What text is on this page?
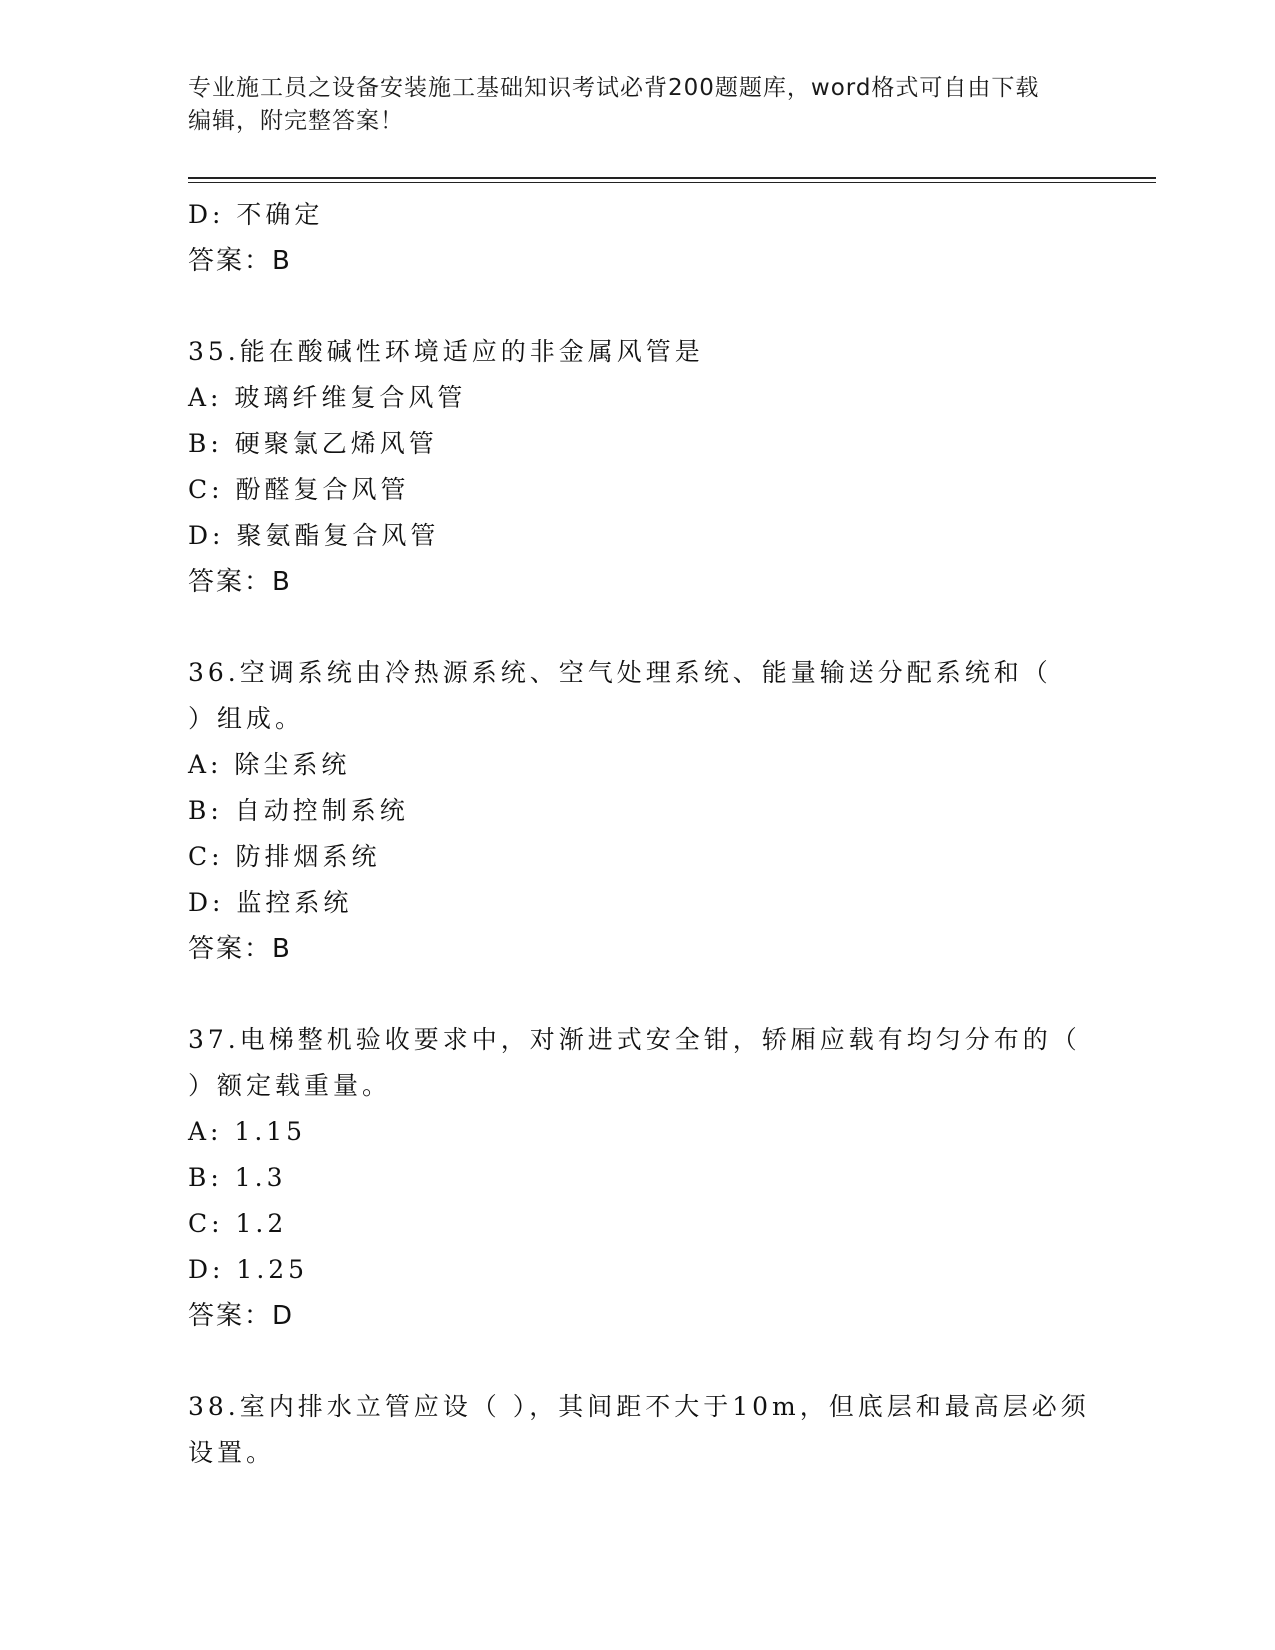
专业施工员之设备安装施工基础知识考试必背200题题库，word格式可自由下载
编辑，附完整答案！
D: 不确定
答案：B
35.能在酸碱性环境适应的非金属风管是
A: 玻璃纤维复合风管
B: 硬聚氯乙烯风管
C: 酚醛复合风管
D: 聚氨酯复合风管
答案：B
36.空调系统由冷热源系统、空气处理系统、能量输送分配系统和（
）组成。
A: 除尘系统
B: 自动控制系统
C: 防排烟系统
D: 监控系统
答案：B
37.电梯整机验收要求中，对渐进式安全钳，轿厢应载有均匀分布的（
）额定载重量。
A: 1.15
B: 1.3
C: 1.2
D: 1.25
答案：D
38.室内排水立管应设（ ），其间距不大于10m，但底层和最高层必须
设置。
